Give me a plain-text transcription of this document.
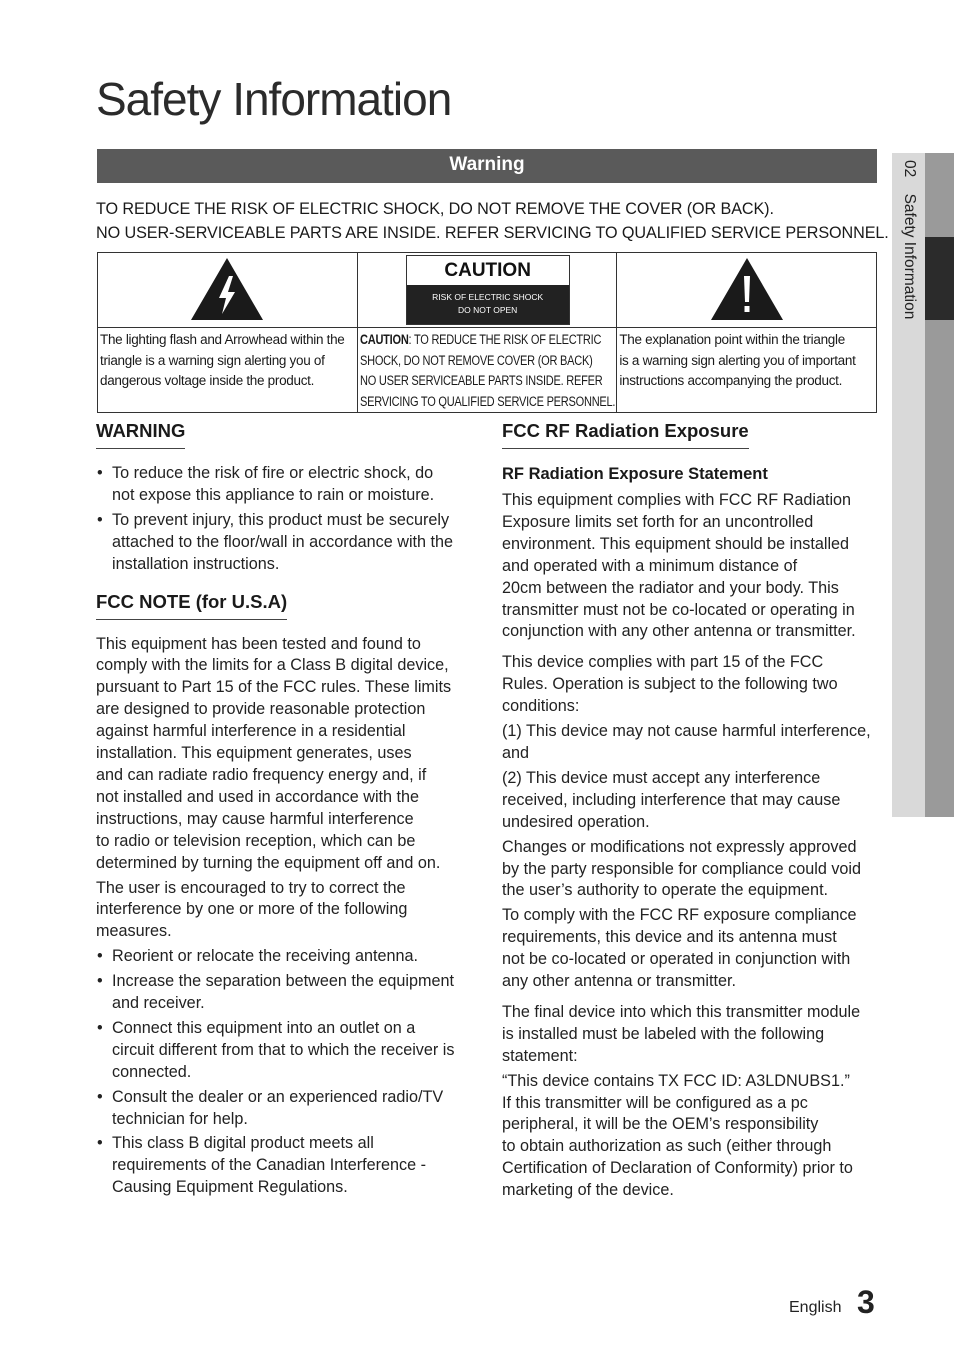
Safety Information
Warning
TO REDUCE THE RISK OF ELECTRIC SHOCK, DO NOT REMOVE THE COVER (OR BACK).
NO USER-SERVICEABLE PARTS ARE INSIDE. REFER SERVICING TO QUALIFIED SERVICE PERSONNEL.

CAUTION
RISK OF ELECTRIC SHOCK
DO NOT OPEN

The lighting flash and Arrowhead within the
triangle is a warning sign alerting you of
dangerous voltage inside the product.	CAUTION: TO REDUCE THE RISK OF ELECTRIC
SHOCK, DO NOT REMOVE COVER (OR BACK)
NO USER SERVICEABLE PARTS INSIDE. REFER
SERVICING TO QUALIFIED SERVICE PERSONNEL.	The explanation point within the triangle
is a warning sign alerting you of important
instructions accompanying the product.
WARNING
• To reduce the risk of fire or electric shock, do
not expose this appliance to rain or moisture.
• To prevent injury, this product must be securely
attached to the floor/wall in accordance with the
installation instructions.
FCC NOTE (for U.S.A)

This equipment has been tested and found to
comply with the limits for a Class B digital device,
pursuant to Part 15 of the FCC rules. These limits
are designed to provide reasonable protection
against harmful interference in a residential
installation. This equipment generates, uses
and can radiate radio frequency energy and, if
not installed and used in accordance with the
instructions, may cause harmful interference
to radio or television reception, which can be
determined by turning the equipment off and on.

The user is encouraged to try to correct the
interference by one or more of the following
measures.

• Reorient or relocate the receiving antenna.
• Increase the separation between the equipment
and receiver.
• Connect this equipment into an outlet on a
circuit different from that to which the receiver is
connected.
• Consult the dealer or an experienced radio/TV
technician for help.
• This class B digital product meets all
requirements of the Canadian Interference -
Causing Equipment Regulations.
FCC RF Radiation Exposure
RF Radiation Exposure Statement

This equipment complies with FCC RF Radiation
Exposure limits set forth for an uncontrolled
environment. This equipment should be installed
and operated with a minimum distance of
20cm between the radiator and your body. This
transmitter must not be co-located or operating in
conjunction with any other antenna or transmitter.

This device complies with part 15 of the FCC
Rules. Operation is subject to the following two
conditions:

(1) This device may not cause harmful interference,
and

(2) This device must accept any interference
received, including interference that may cause
undesired operation.

Changes or modifications not expressly approved
by the party responsible for compliance could void
the user’s authority to operate the equipment.

To comply with the FCC RF exposure compliance
requirements, this device and its antenna must
not be co-located or operated in conjunction with
any other antenna or transmitter.

The final device into which this transmitter module
is installed must be labeled with the following
statement:

“This device contains TX FCC ID: A3LDNUBS1.”
If this transmitter will be configured as a pc
peripheral, it will be the OEM’s responsibility
to obtain authorization as such (either through
Certification of Declaration of Conformity) prior to
marketing of the device.

02 Safety Information
English 3
